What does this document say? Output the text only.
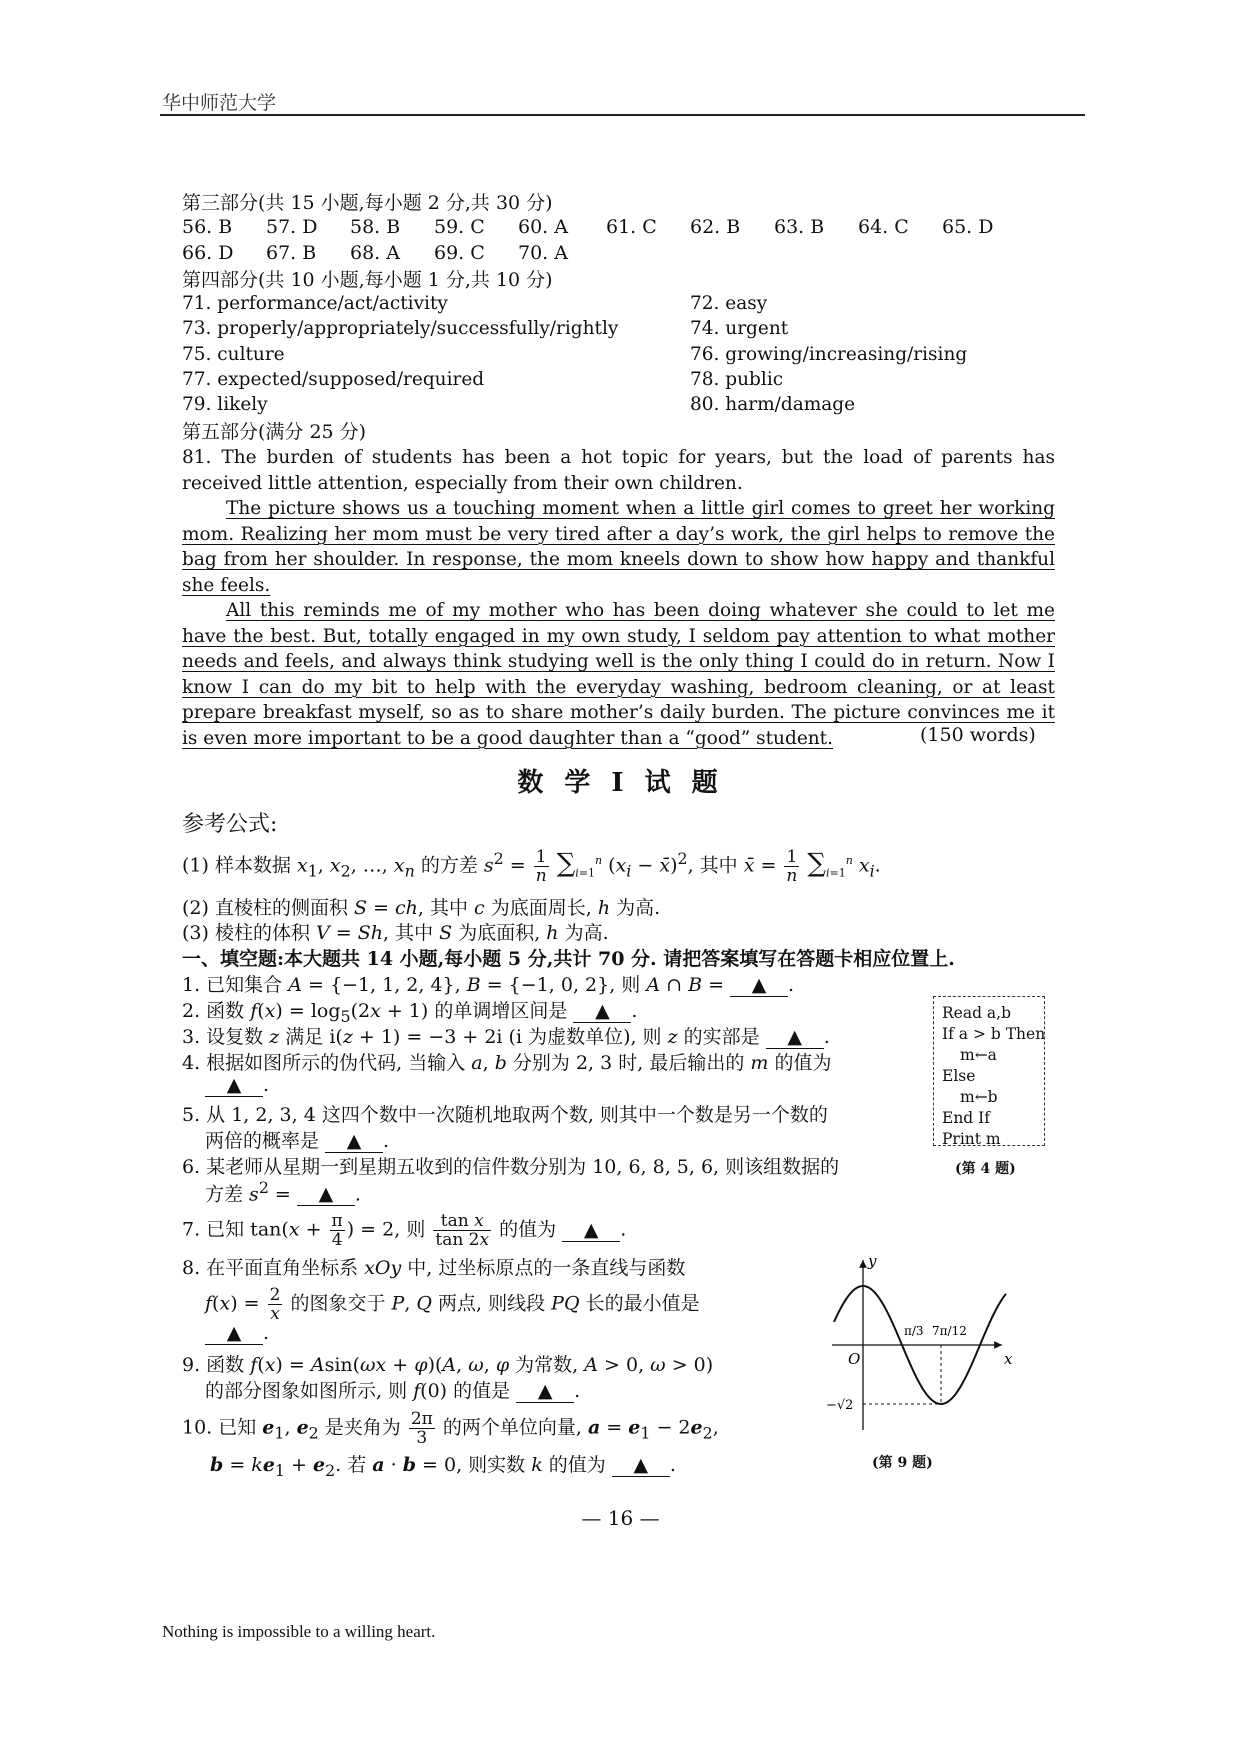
华中师范大学
第三部分(共 15 小题,每小题 2 分,共 30 分)
56. B 57. D 58. B 59. C 60. A 61. C 62. B 63. B 64. C 65. D
66. D 67. B 68. A 69. C 70. A
第四部分(共 10 小题,每小题 1 分,共 10 分)
71. performance/act/activity	72. easy
73. properly/appropriately/successfully/rightly	74. urgent
75. culture	76. growing/increasing/rising
77. expected/supposed/required	78. public
79. likely	80. harm/damage
第五部分(满分 25 分)

81. The burden of students has been a hot topic for years, but the load of parents has received little attention, especially from their own children.

The picture shows us a touching moment when a little girl comes to greet her working mom. Realizing her mom must be very tired after a day’s work, the girl helps to remove the bag from her shoulder. In response, the mom kneels down to show how happy and thankful she feels.

All this reminds me of my mother who has been doing whatever she could to let me have the best. But, totally engaged in my own study, I seldom pay attention to what mother needs and feels, and always think studying well is the only thing I could do in return. Now I know I can do my bit to help with the everyday washing, bedroom cleaning, or at least prepare breakfast myself, so as to share mother’s daily burden. The picture convinces me it is even more important to be a good daughter than a “good” student.	(150 words)
数 学 Ⅰ 试 题
参考公式:
(1) 样本数据 $x_1$, $x_2$, …, $x_n$ 的方差 $s^2 = \frac{1}{n} \sum_{i=1}^n$ ($x_i$ − x̄)$^2$, 其中 x̄ = $\frac{1}{n} \sum_{i=1}^n$ $x_i$.
(2) 直棱柱的侧面积 S = ch, 其中 c 为底面周长, h 为高.
(3) 棱柱的体积 V = Sh, 其中 S 为底面积, h 为高.
一、填空题:本大题共 14 小题,每小题 5 分,共计 70 分. 请把答案填写在答题卡相应位置上.
1. 已知集合 A = {−1, 1, 2, 4}, B = {−1, 0, 2}, 则 A ∩ B = ▲ .
2. 函数 $f(x) = \log_5(2x + 1)$ 的单调增区间是 ▲ .
3. 设复数 z 满足 i(z + 1) = −3 + 2i (i 为虚数单位), 则 z 的实部是 ▲ .
4. 根据如图所示的伪代码, 当输入 a, b 分别为 2, 3 时, 最后输出的 m 的值为
▲ .
5. 从 1, 2, 3, 4 这四个数中一次随机地取两个数, 则其中一个数是另一个数的
两倍的概率是 ▲ .
6. 某老师从星期一到星期五收到的信件数分别为 10, 6, 8, 5, 6, 则该组数据的
方差 $s^2$ = ▲ .
7. 已知 $\tan(x + \frac{\pi}{4}$ ) = 2, 则 $\frac{\text{tan x}}{\tan 2x}$ 的值为 ▲ .
8. 在平面直角坐标系 xOy 中, 过坐标原点的一条直线与函数
$f(x) = \frac{2}{x}$ 的图象交于 P, Q 两点, 则线段 PQ 长的最小值是
▲ .
9. 函数 f(x) = Asin(ωx + φ)(A, ω, φ 为常数, A > 0, ω > 0)
的部分图象如图所示, 则 f(0) 的值是 ▲ .
10. 已知 $e_1$, $e_2$ 是夹角为 $\frac{2\pi}{3}$ 的两个单位向量, $a = e_1 - 2e_2$,
$b = ke_1 + e_2$. 若 a · b = 0, 则实数 k 的值为 ▲ .
Read a,b
If a > b Then
m←a
Else
m←b
End If
Print m
(第 4 题)
y
x
O
π/3 7π/12
−√2
(第 9 题)
— 16 —
Nothing is impossible to a willing heart.
